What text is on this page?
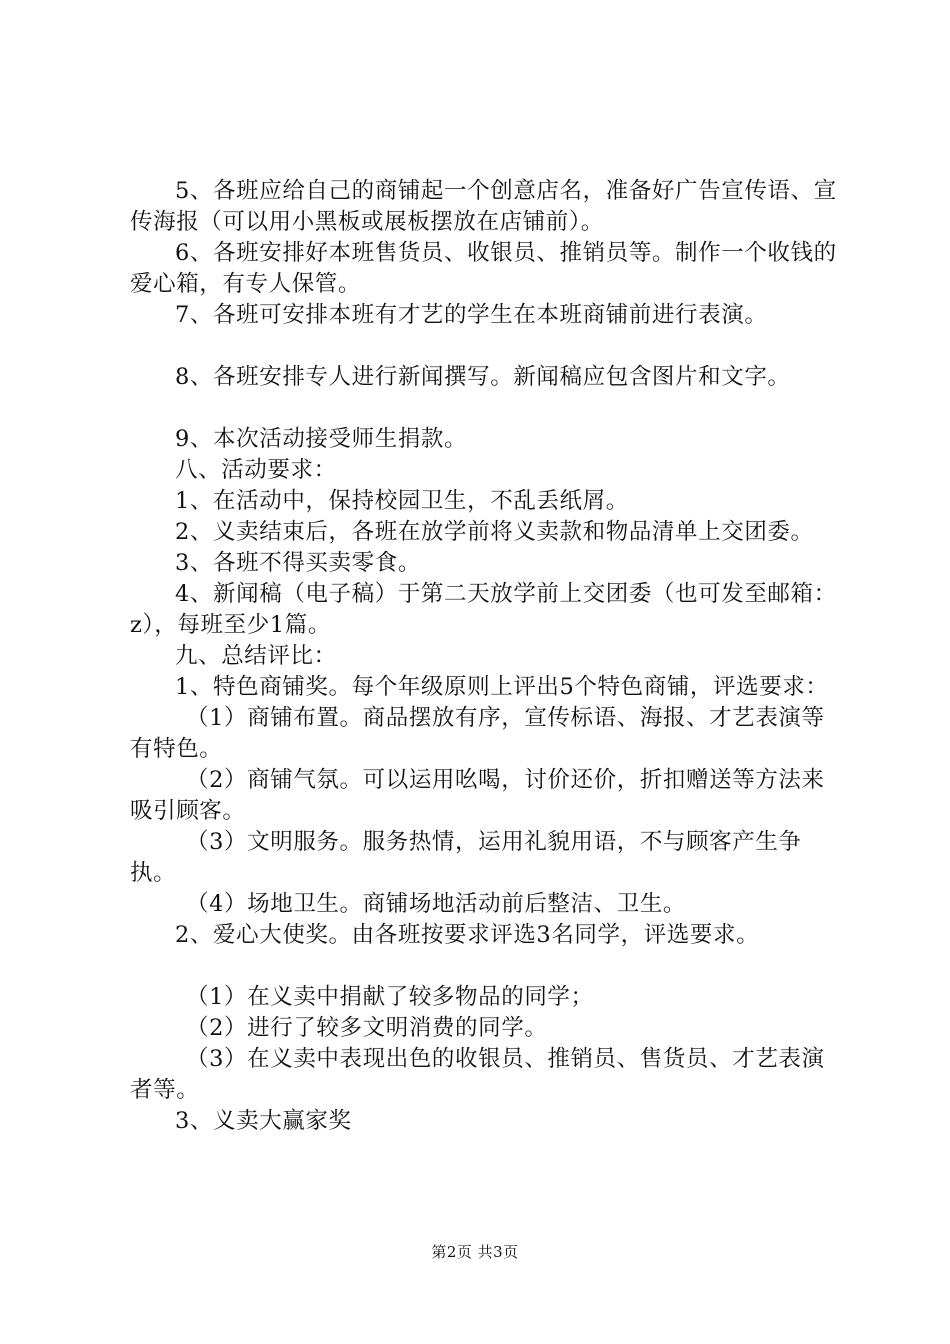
5、各班应给自己的商铺起一个创意店名，准备好广告宣传语、宣传海报（可以用小黑板或展板摆放在店铺前）。

6、各班安排好本班售货员、收银员、推销员等。制作一个收钱的爱心箱，有专人保管。

7、各班可安排本班有才艺的学生在本班商铺前进行表演。

8、各班安排专人进行新闻撰写。新闻稿应包含图片和文字。

9、本次活动接受师生捐款。

八、活动要求：

1、在活动中，保持校园卫生，不乱丢纸屑。

2、义卖结束后，各班在放学前将义卖款和物品清单上交团委。

3、各班不得买卖零食。

4、新闻稿（电子稿）于第二天放学前上交团委（也可发至邮箱：z），每班至少1篇。

九、总结评比：

1、特色商铺奖。每个年级原则上评出5个特色商铺，评选要求：

（1）商铺布置。商品摆放有序，宣传标语、海报、才艺表演等有特色。

（2）商铺气氛。可以运用吆喝，讨价还价，折扣赠送等方法来吸引顾客。

（3）文明服务。服务热情，运用礼貌用语，不与顾客产生争执。

（4）场地卫生。商铺场地活动前后整洁、卫生。

2、爱心大使奖。由各班按要求评选3名同学，评选要求。

（1）在义卖中捐献了较多物品的同学；

（2）进行了较多文明消费的同学。

（3）在义卖中表现出色的收银员、推销员、售货员、才艺表演者等。

3、义卖大赢家奖

第2页 共3页
